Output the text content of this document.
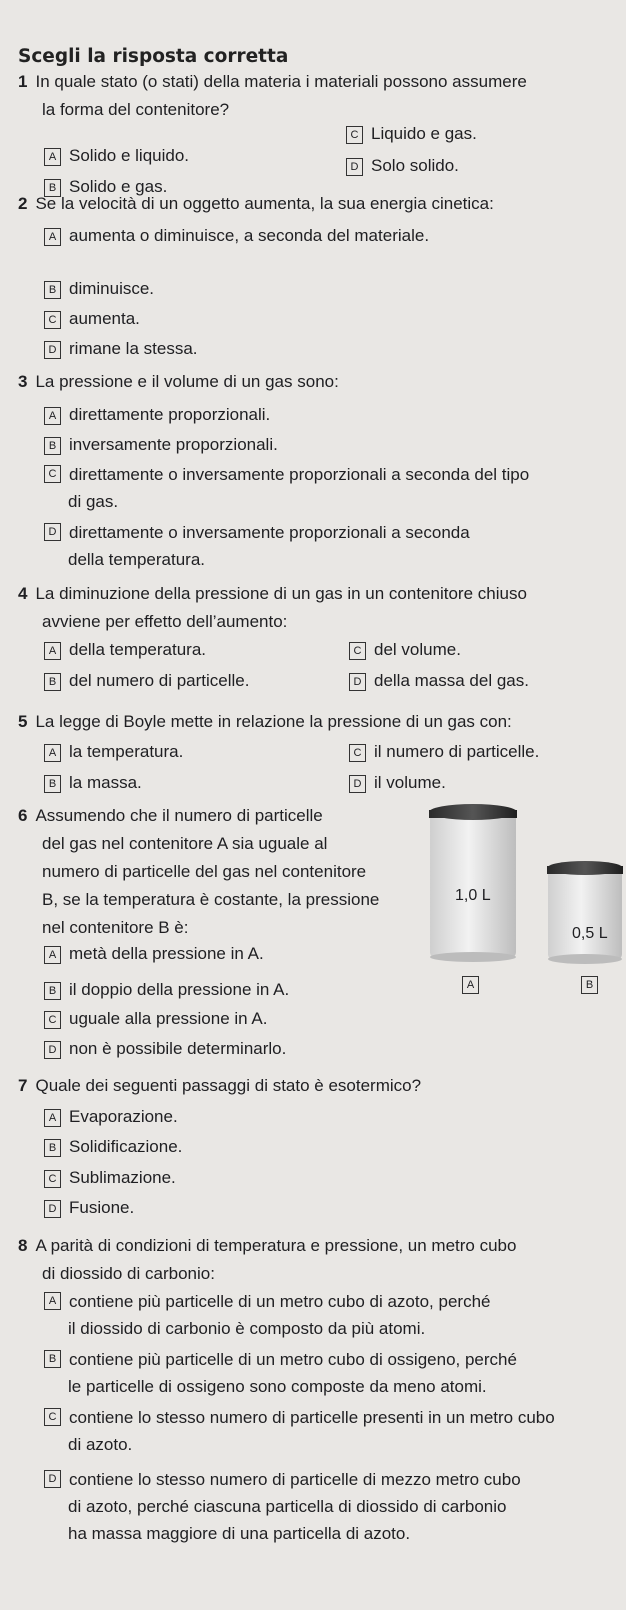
Scegli la risposta corretta
1 In quale stato (o stati) della materia i materiali possono assumere

la forma del contenitore?
A Solido e liquido.
B Solido e gas.
C Liquido e gas.
D Solo solido.
2 Se la velocità di un oggetto aumenta, la sua energia cinetica:
A aumenta o diminuisce, a seconda del materiale.
B diminuisce.
C aumenta.
D rimane la stessa.
3 La pressione e il volume di un gas sono:
A direttamente proporzionali.
B inversamente proporzionali.
C direttamente o inversamente proporzionali a seconda del tipo

di gas.
D direttamente o inversamente proporzionali a seconda

della temperatura.
4 La diminuzione della pressione di un gas in un contenitore chiuso

avviene per effetto dell’aumento:
A della temperatura.
B del numero di particelle.
C del volume.
D della massa del gas.
5 La legge di Boyle mette in relazione la pressione di un gas con:
A la temperatura.
B la massa.
C il numero di particelle.
D il volume.
6 Assumendo che il numero di particelle

del gas nel contenitore A sia uguale al
numero di particelle del gas nel contenitore
B, se la temperatura è costante, la pressione
nel contenitore B è:
A metà della pressione in A.
B il doppio della pressione in A.
C uguale alla pressione in A.
D non è possibile determinarlo.
1,0 L
0,5 L
A	B
7 Quale dei seguenti passaggi di stato è esotermico?
A Evaporazione.
B Solidificazione.
C Sublimazione.
D Fusione.
8 A parità di condizioni di temperatura e pressione, un metro cubo

di diossido di carbonio:
A contiene più particelle di un metro cubo di azoto, perché

il diossido di carbonio è composto da più atomi.
B contiene più particelle di un metro cubo di ossigeno, perché

le particelle di ossigeno sono composte da meno atomi.
C contiene lo stesso numero di particelle presenti in un metro cubo

di azoto.
D contiene lo stesso numero di particelle di mezzo metro cubo

di azoto, perché ciascuna particella di diossido di carbonio
ha massa maggiore di una particella di azoto.
